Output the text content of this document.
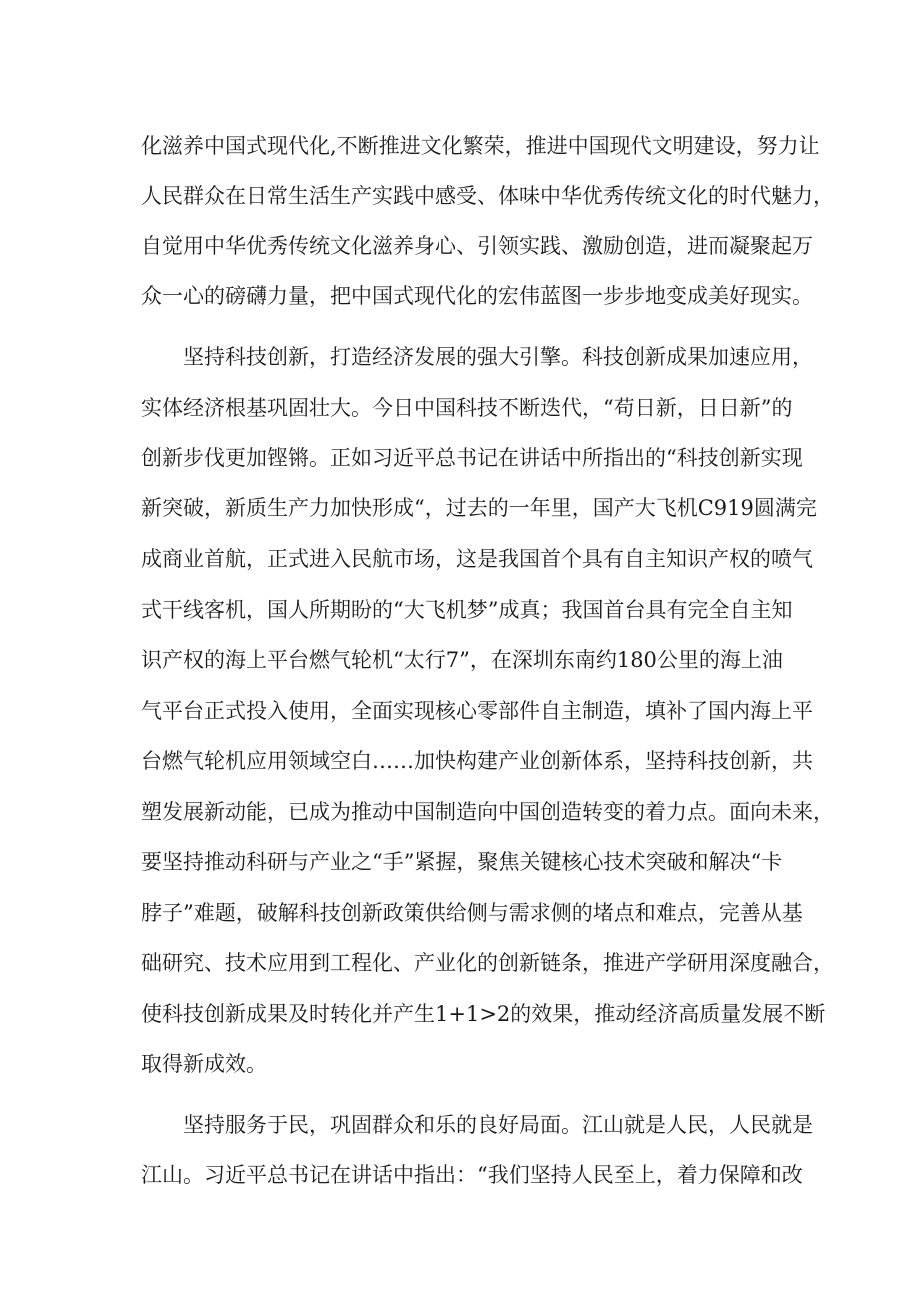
化滋养中国式现代化,不断推进文化繁荣，推进中国现代文明建设，努力让
人民群众在日常生活生产实践中感受、体味中华优秀传统文化的时代魅力，
自觉用中华优秀传统文化滋养身心、引领实践、激励创造，进而凝聚起万
众一心的磅礴力量，把中国式现代化的宏伟蓝图一步步地变成美好现实。
坚持科技创新，打造经济发展的强大引擎。科技创新成果加速应用，
实体经济根基巩固壮大。今日中国科技不断迭代，“苟日新，日日新”的
创新步伐更加铿锵。正如习近平总书记在讲话中所指出的“科技创新实现
新突破，新质生产力加快形成“，过去的一年里，国产大飞机C919圆满完
成商业首航，正式进入民航市场，这是我国首个具有自主知识产权的喷气
式干线客机，国人所期盼的“大飞机梦”成真；我国首台具有完全自主知
识产权的海上平台燃气轮机“太行7”，在深圳东南约180公里的海上油
气平台正式投入使用，全面实现核心零部件自主制造，填补了国内海上平
台燃气轮机应用领域空白……加快构建产业创新体系，坚持科技创新，共
塑发展新动能，已成为推动中国制造向中国创造转变的着力点。面向未来，
要坚持推动科研与产业之“手”紧握，聚焦关键核心技术突破和解决“卡
脖子”难题，破解科技创新政策供给侧与需求侧的堵点和难点，完善从基
础研究、技术应用到工程化、产业化的创新链条，推进产学研用深度融合，
使科技创新成果及时转化并产生1+1>2的效果，推动经济高质量发展不断
取得新成效。
坚持服务于民，巩固群众和乐的良好局面。江山就是人民，人民就是
江山。习近平总书记在讲话中指出：“我们坚持人民至上，着力保障和改
